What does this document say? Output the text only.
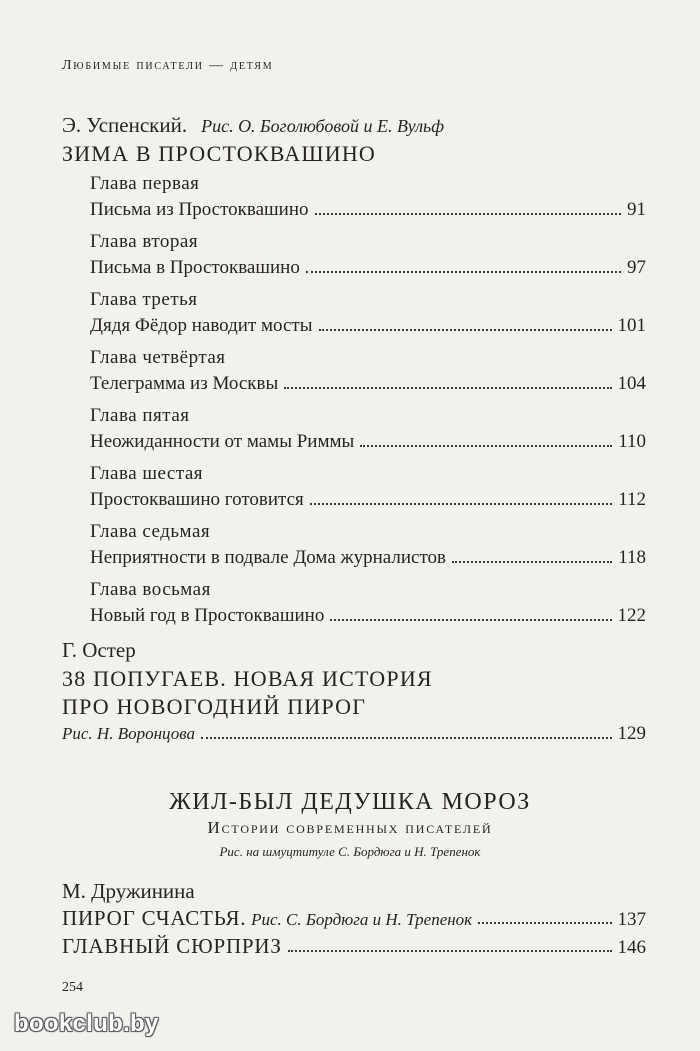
Любимые писатели — детям
Э. Успенский. Рис. О. Боголюбовой и Е. Вульф
ЗИМА В ПРОСТОКВАШИНО
Глава первая
Письма из Простоквашино	91
Глава вторая
Письма в Простоквашино	97
Глава третья
Дядя Фёдор наводит мосты	101
Глава четвёртая
Телеграмма из Москвы	104
Глава пятая
Неожиданности от мамы Риммы	110
Глава шестая
Простоквашино готовится	112
Глава седьмая
Неприятности в подвале Дома журналистов	118
Глава восьмая
Новый год в Простоквашино	122
Г. Остер
38 ПОПУГАЕВ. НОВАЯ ИСТОРИЯ
ПРО НОВОГОДНИЙ ПИРОГ
Рис. Н. Воронцова	129
ЖИЛ-БЫЛ ДЕДУШКА МОРОЗ
Истории современных писателей
Рис. на шмуцтитуле С. Бордюга и Н. Трепенок
М. Дружинина
ПИРОГ СЧАСТЬЯ. Рис. С. Бордюга и Н. Трепенок	137
ГЛАВНЫЙ СЮРПРИЗ	146
254
bookclub.by
